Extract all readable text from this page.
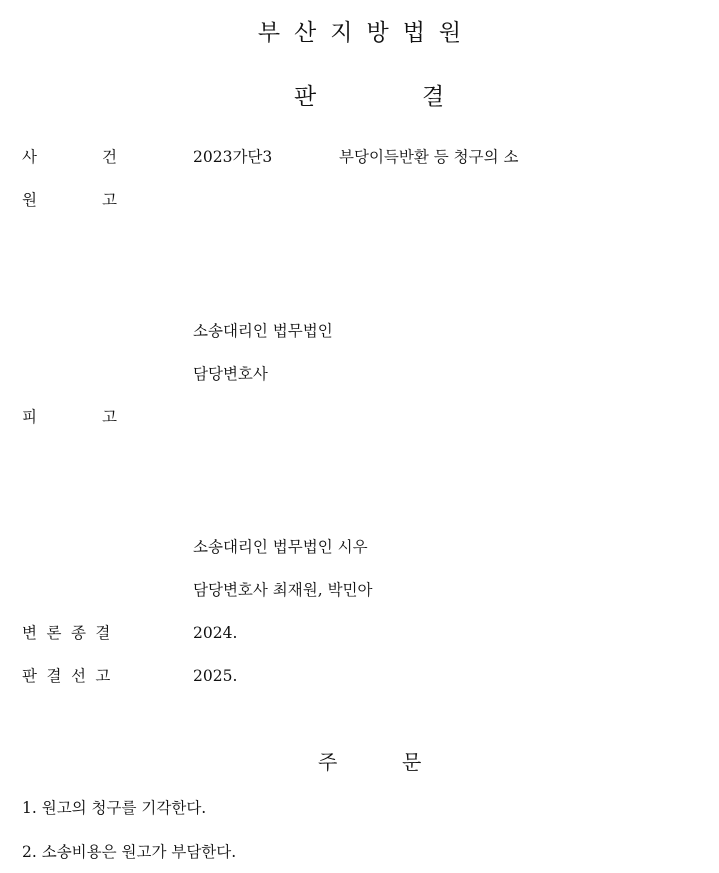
부산지방법원
판	결
사	건	2023가단3	부당이득반환 등 청구의 소
원	고
소송대리인 법무법인
담당변호사
피	고
소송대리인 법무법인 시우
담당변호사 최재원, 박민아
변론종결	2024.
판결선고	2025.
주	문
1. 원고의 청구를 기각한다.
2. 소송비용은 원고가 부담한다.
